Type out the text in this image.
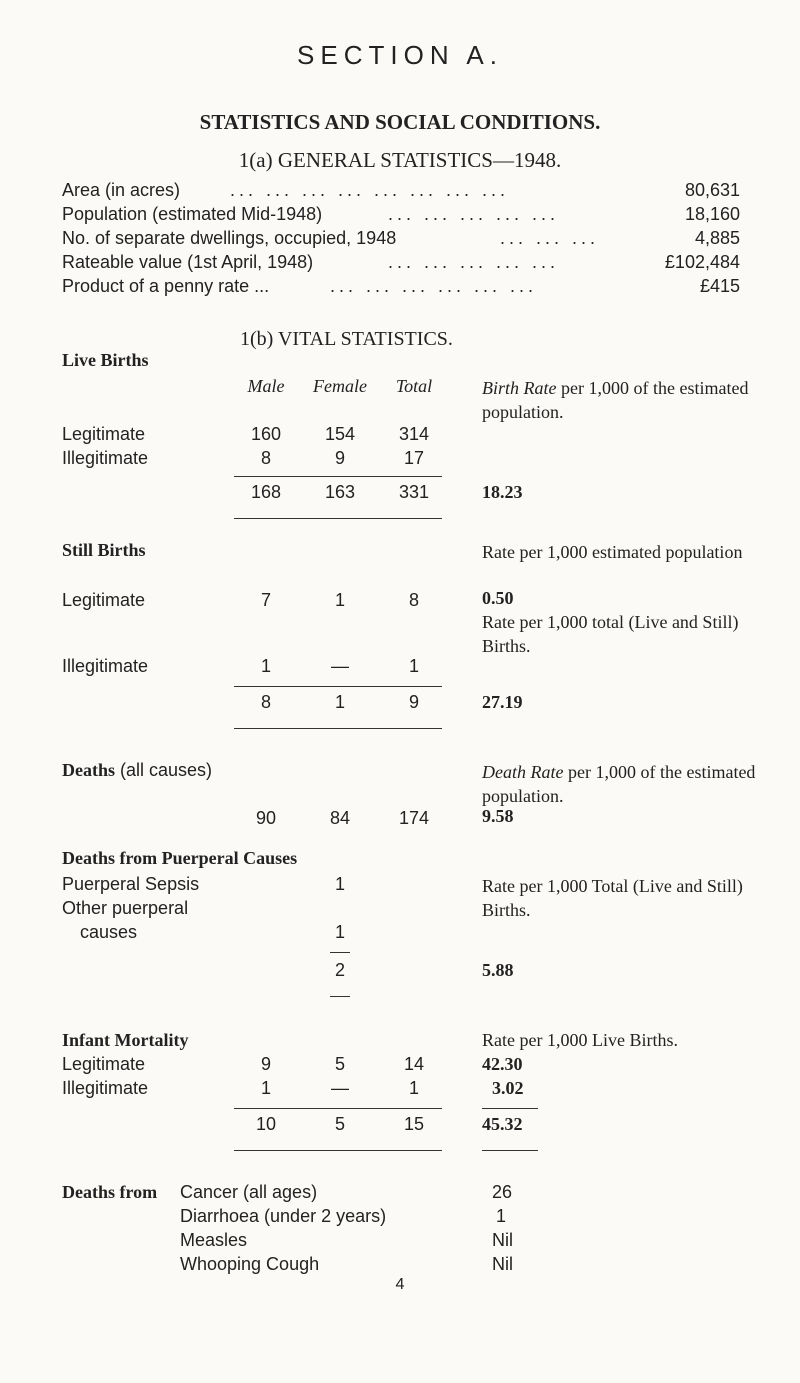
SECTION A.
STATISTICS AND SOCIAL CONDITIONS.
1(a) GENERAL STATISTICS—1948.
Area (in acres)	... ... ... ... ... ... ... ...	80,631
Population (estimated Mid-1948)	... ... ... ... ...	18,160
No. of separate dwellings, occupied, 1948	... ... ...	4,885
Rateable value (1st April, 1948)	... ... ... ... ...	£102,484
Product of a penny rate ...	... ... ... ... ... ...	£415
1(b) VITAL STATISTICS.
Live Births
Male	Female	Total	Birth Rate per 1,000 of the estimated population.
Legitimate	160	154	314
Illegitimate	8	9	17
168	163	331	18.23
Still Births	Rate per 1,000 estimated population
Legitimate	7	1	8	0.50
Rate per 1,000 total (Live and Still) Births.
Illegitimate	1	—	1
8	1	9	27.19
Deaths (all causes)	Death Rate per 1,000 of the estimated population.
90	84	174	9.58
Deaths from Puerperal Causes
Puerperal Sepsis	1
Other puerperal
causes	1
Rate per 1,000 Total (Live and Still) Births.
2	5.88
Infant Mortality	Rate per 1,000 Live Births.
Legitimate	9	5	14	42.30
Illegitimate	1	—	1	3.02
10	5	15	45.32
Deaths from Cancer (all ages)	26
Diarrhoea (under 2 years)	1
Measles	Nil
Whooping Cough	Nil
4
